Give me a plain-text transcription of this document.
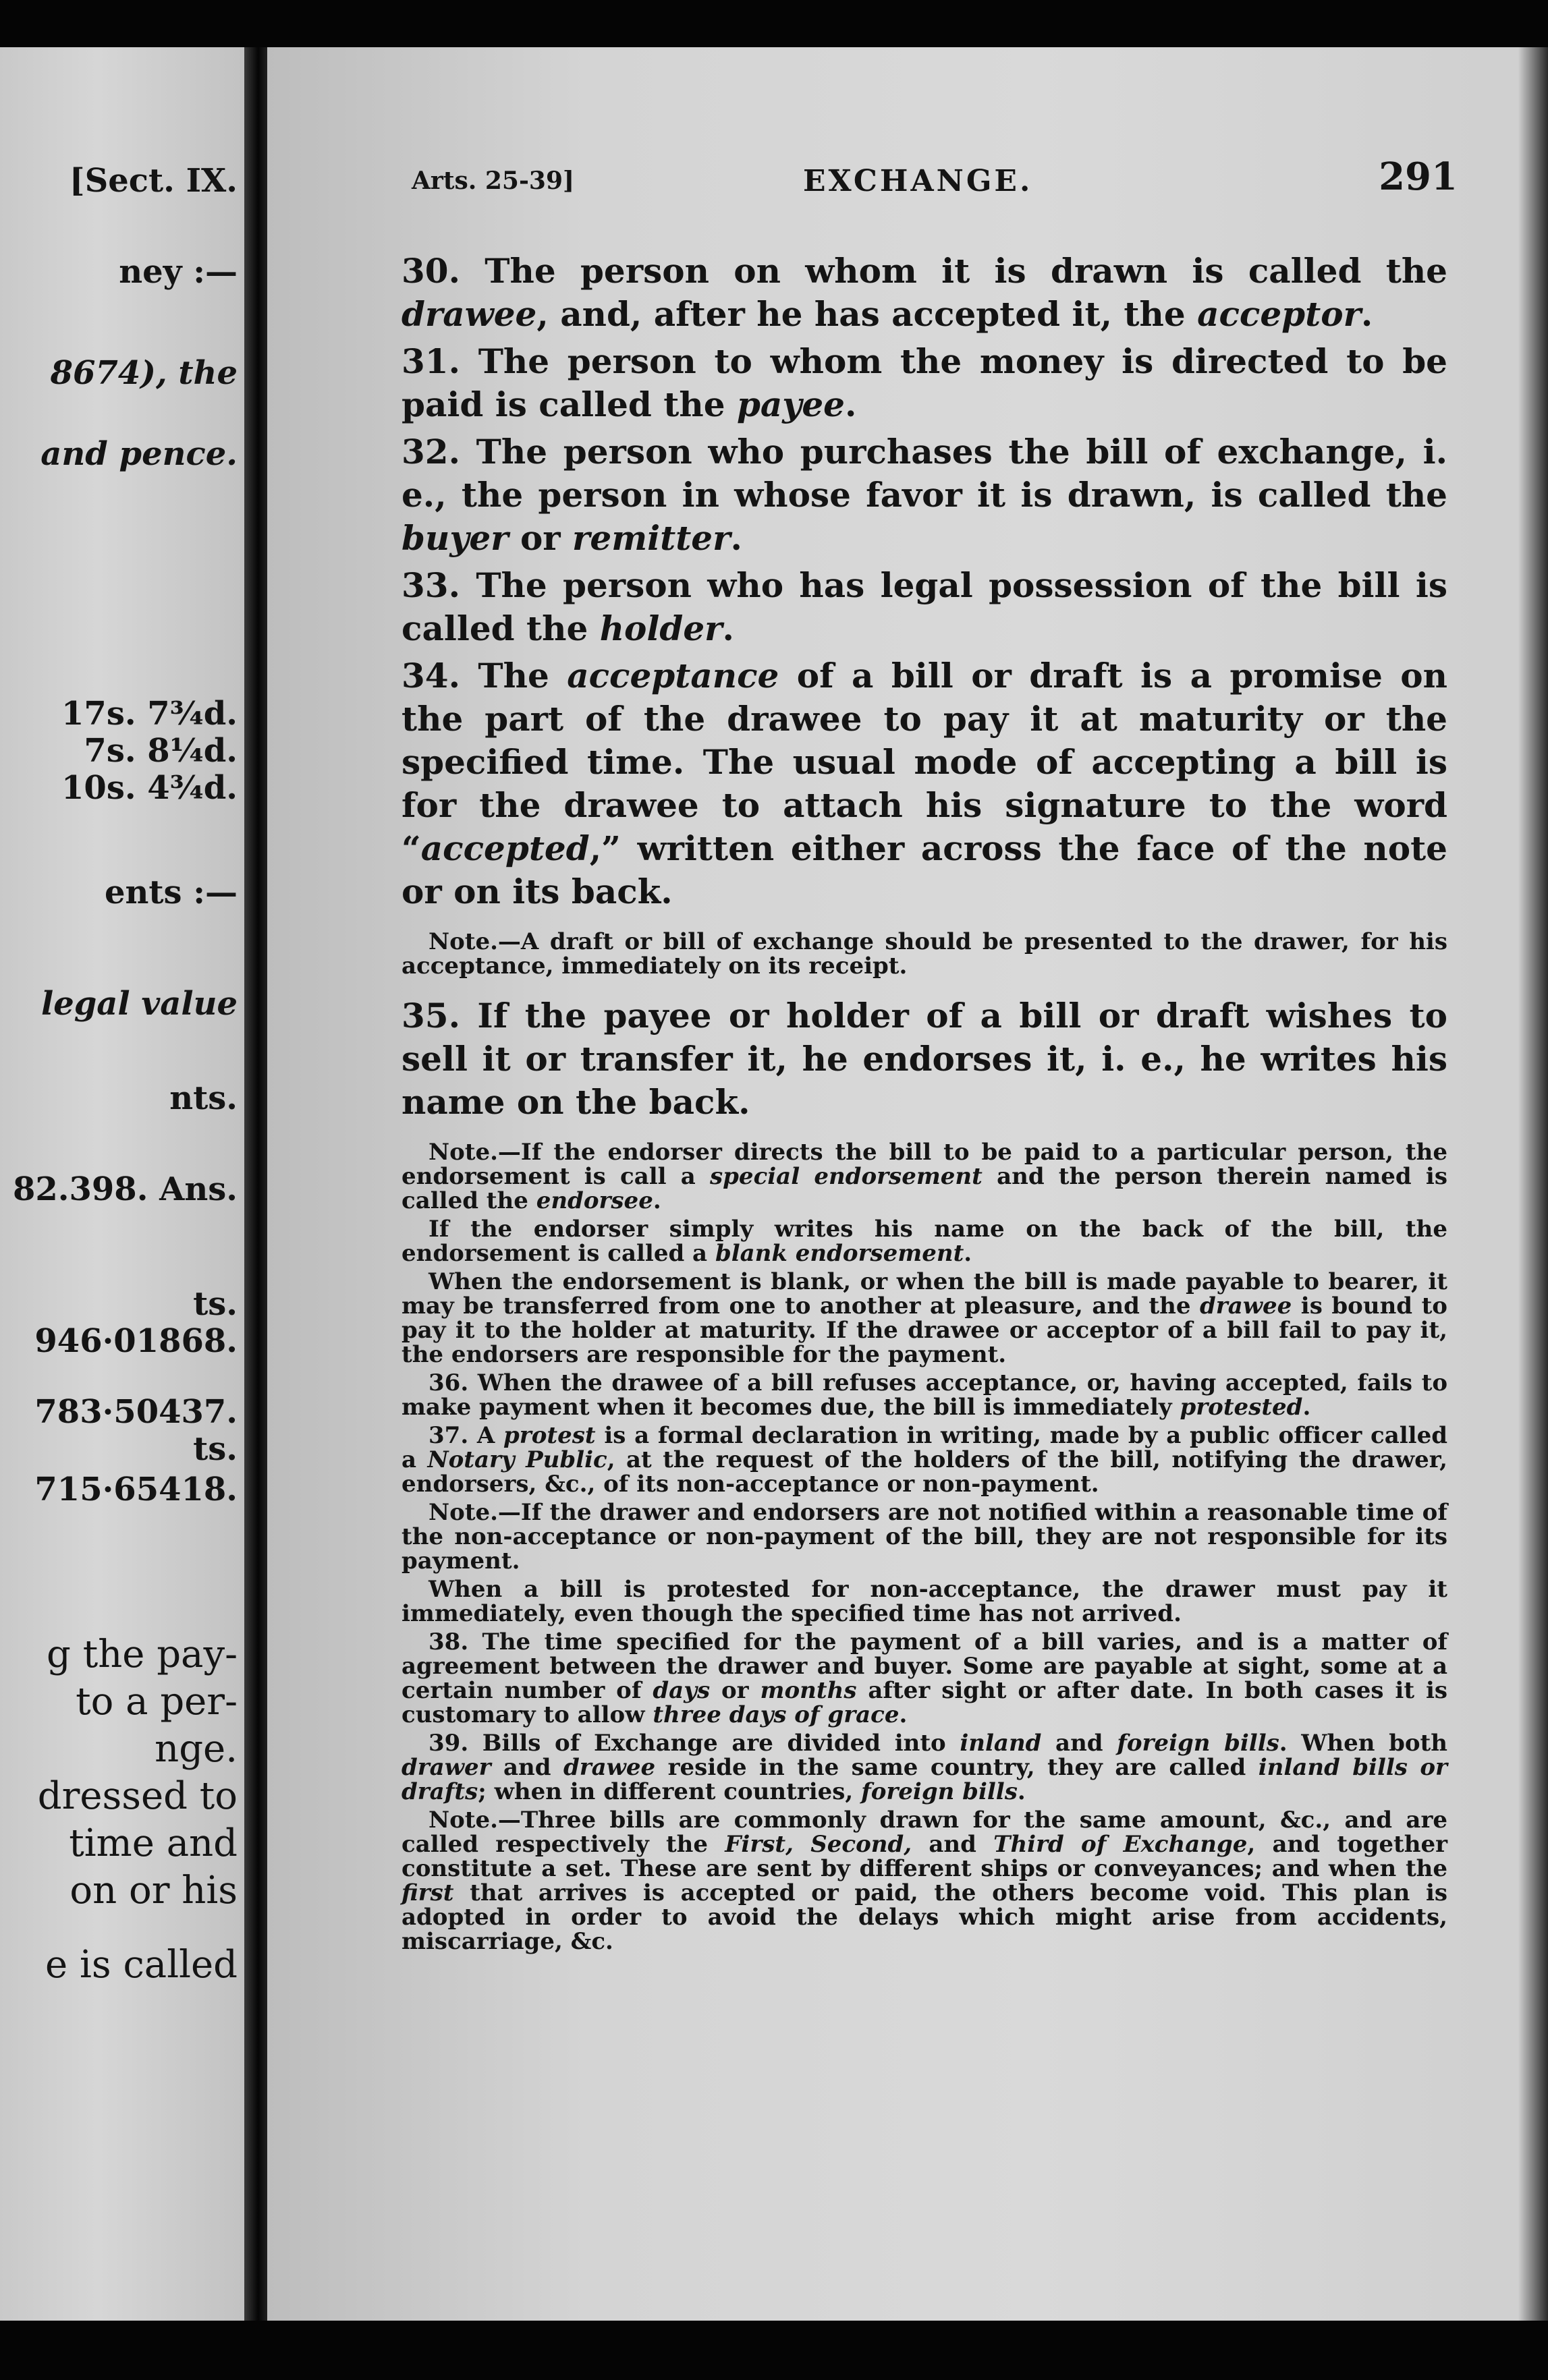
[Sect. IX.
ney :—
8674), the
and pence.
17s. 7¾d.
7s. 8¼d.
10s. 4¾d.
ents :—
legal value
nts.
82.398. Ans.
ts.
946·01868.
783·50437.
ts.
715·65418.
g the pay-
to a per-
nge.
dressed to
time and
on or his
e is called
Arts. 25-39]	EXCHANGE.	291

30. The person on whom it is drawn is called the drawee, and, after he has accepted it, the acceptor.

31. The person to whom the money is directed to be paid is called the payee.

32. The person who purchases the bill of exchange, i. e., the person in whose favor it is drawn, is called the buyer or remitter.

33. The person who has legal possession of the bill is called the holder.

34. The acceptance of a bill or draft is a promise on the part of the drawee to pay it at maturity or the specified time. The usual mode of accepting a bill is for the drawee to attach his signature to the word “accepted,” written either across the face of the note or on its back.

Note.—A draft or bill of exchange should be presented to the drawer, for his acceptance, immediately on its receipt.

35. If the payee or holder of a bill or draft wishes to sell it or transfer it, he endorses it, i. e., he writes his name on the back.

Note.—If the endorser directs the bill to be paid to a particular person, the endorsement is call a special endorsement and the person therein named is called the endorsee.

If the endorser simply writes his name on the back of the bill, the endorsement is called a blank endorsement.

When the endorsement is blank, or when the bill is made payable to bearer, it may be transferred from one to another at pleasure, and the drawee is bound to pay it to the holder at maturity. If the drawee or acceptor of a bill fail to pay it, the endorsers are responsible for the payment.

36. When the drawee of a bill refuses acceptance, or, having accepted, fails to make payment when it becomes due, the bill is immediately protested.

37. A protest is a formal declaration in writing, made by a public officer called a Notary Public, at the request of the holders of the bill, notifying the drawer, endorsers, &c., of its non-acceptance or non-payment.

Note.—If the drawer and endorsers are not notified within a reasonable time of the non-acceptance or non-payment of the bill, they are not responsible for its payment.

When a bill is protested for non-acceptance, the drawer must pay it immediately, even though the specified time has not arrived.

38. The time specified for the payment of a bill varies, and is a matter of agreement between the drawer and buyer. Some are payable at sight, some at a certain number of days or months after sight or after date. In both cases it is customary to allow three days of grace.

39. Bills of Exchange are divided into inland and foreign bills. When both drawer and drawee reside in the same country, they are called inland bills or drafts; when in different countries, foreign bills.

Note.—Three bills are commonly drawn for the same amount, &c., and are called respectively the First, Second, and Third of Exchange, and together constitute a set. These are sent by different ships or conveyances; and when the first that arrives is accepted or paid, the others become void. This plan is adopted in order to avoid the delays which might arise from accidents, miscarriage, &c.
